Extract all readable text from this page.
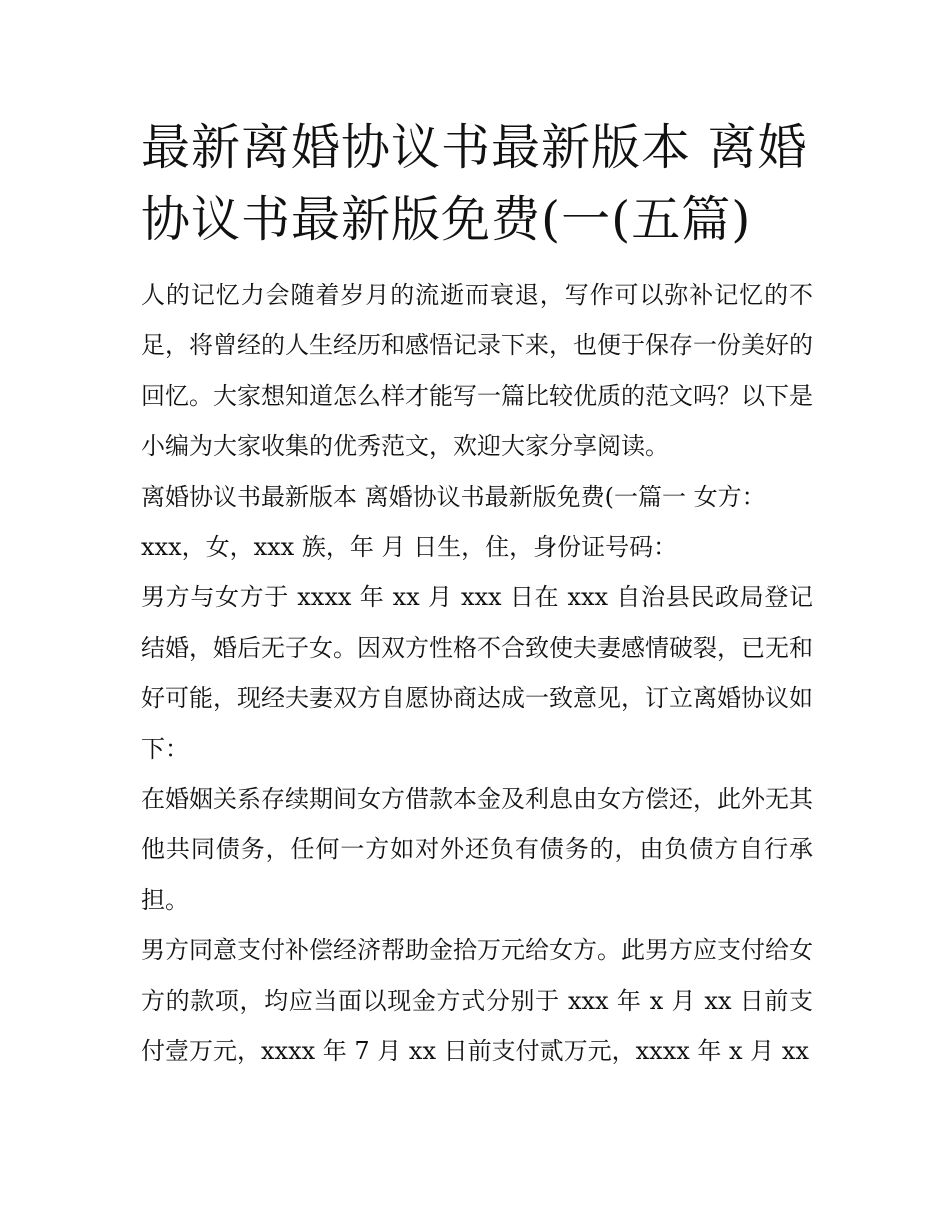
最新离婚协议书最新版本 离婚协议书最新版免费(一(五篇)

人的记忆力会随着岁月的流逝而衰退，写作可以弥补记忆的不足，将曾经的人生经历和感悟记录下来，也便于保存一份美好的回忆。大家想知道怎么样才能写一篇比较优质的范文吗？以下是小编为大家收集的优秀范文，欢迎大家分享阅读。

离婚协议书最新版本 离婚协议书最新版免费(一篇一 女方：

xxx，女，xxx 族，年 月 日生，住，身份证号码：

男方与女方于 xxxx 年 xx 月 xxx 日在 xxx 自治县民政局登记结婚，婚后无子女。因双方性格不合致使夫妻感情破裂，已无和好可能，现经夫妻双方自愿协商达成一致意见，订立离婚协议如下：

在婚姻关系存续期间女方借款本金及利息由女方偿还，此外无其他共同债务，任何一方如对外还负有债务的，由负债方自行承担。

男方同意支付补偿经济帮助金拾万元给女方。此男方应支付给女方的款项，均应当面以现金方式分别于 xxx 年 x 月 xx 日前支付壹万元，xxxx 年 7 月 xx 日前支付贰万元，xxxx 年 x 月 xx
